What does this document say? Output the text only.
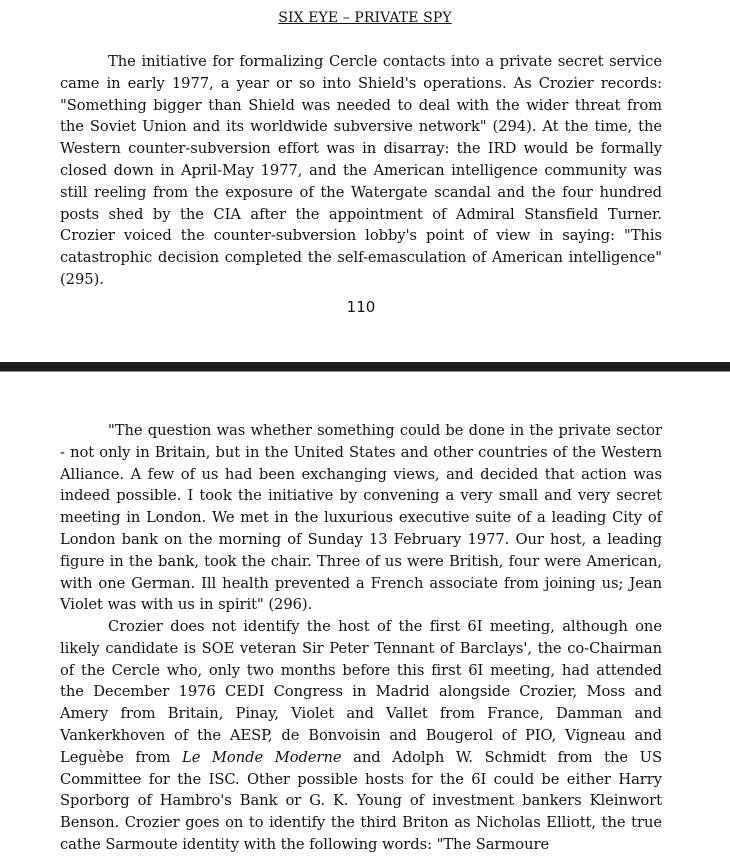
SIX EYE – PRIVATE SPY

The initiative for formalizing Cercle contacts into a private secret service came in early 1977, a year or so into Shield's operations. As Crozier records: "Something bigger than Shield was needed to deal with the wider threat from the Soviet Union and its worldwide subversive network" (294). At the time, the Western counter-subversion effort was in disarray: the IRD would be formally closed down in April-May 1977, and the American intelligence community was still reeling from the exposure of the Watergate scandal and the four hundred posts shed by the CIA after the appointment of Admiral Stansfield Turner. Crozier voiced the counter-subversion lobby's point of view in saying: "This catastrophic decision completed the self-emasculation of American intelligence" (295).

110

"The question was whether something could be done in the private sector - not only in Britain, but in the United States and other countries of the Western Alliance. A few of us had been exchanging views, and decided that action was indeed possible. I took the initiative by convening a very small and very secret meeting in London. We met in the luxurious executive suite of a leading City of London bank on the morning of Sunday 13 February 1977. Our host, a leading figure in the bank, took the chair. Three of us were British, four were American, with one German. Ill health prevented a French associate from joining us; Jean Violet was with us in spirit" (296).

Crozier does not identify the host of the first 6I meeting, although one likely candidate is SOE veteran Sir Peter Tennant of Barclays', the co-Chairman of the Cercle who, only two months before this first 6I meeting, had attended the December 1976 CEDI Congress in Madrid alongside Crozier, Moss and Amery from Britain, Pinay, Violet and Vallet from France, Damman and Vankerkhoven of the AESP, de Bonvoisin and Bougerol of PIO, Vigneau and Leguèbe from Le Monde Moderne and Adolph W. Schmidt from the US Committee for the ISC. Other possible hosts for the 6I could be either Harry Sporborg of Hambro's Bank or G. K. Young of investment bankers Kleinwort Benson. Crozier goes on to identify the third Briton as Nicholas Elliott, the true cathe Sarmoute identity with the following words: "The Sarmoure
